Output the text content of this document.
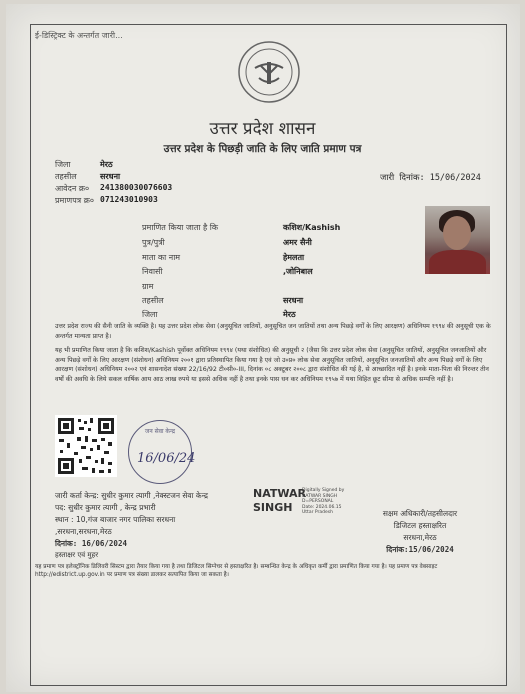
ई-डिस्ट्रिक्ट के अन्तर्गत जारी...
उत्तर प्रदेश शासन
उत्तर प्रदेश के पिछड़ी जाति के लिए जाति प्रमाण पत्र
जिला	मेरठ
तहसील	सरधना
आवेदन क्र० 241380030076603
प्रमाणपत्र क्र० 071243010903
जारी दिनांक: 15/06/2024
प्रमाणित किया जाता है कि	कशिश/Kashish
पुत्र/पुत्री	अमर सैनी
माता का नाम	हेमलता
निवासी	,जोनिबाल
ग्राम
तहसील	सरधना
जिला	मेरठ
उत्तर प्रदेश राज्य की सैनी जाति के व्यक्ति है। यह उत्तर प्रदेश लोक सेवा (अनुसूचित जातियों, अनुसूचित जन जातियों तथा अन्य पिछड़े वर्गों के लिए आरक्षण) अधिनियम १९९४ की अनुसूची एक के अन्तर्गत मान्यता प्राप्त है।
यह भी प्रमाणित किया जाता है कि कशिश/Kashish पूर्वोक्त अधिनियम १९९४ (यथा संशोधित) की अनुसूची २ (जैसा कि उत्तर प्रदेश लोक सेवा (अनुसूचित जातियों, अनुसूचित जनजातियों और अन्य पिछड़े वर्गों के लिए आरक्षण (संशोधन) अधिनियम २००१ द्वारा प्रतिस्थापित किया गया है एवं जो उ०प्र० लोक सेवा अनुसूचित जातियों, अनुसूचित जनजातियों और अन्य पिछड़े वर्गों के लिए आरक्षण (संशोधन) अधिनियम २००२ एवं शासनादेश संख्या 22/16/92 टी०सी०-III, दिनांक ०८ अक्टूबर २००८ द्वारा संशोधित की गई है, से आच्छादित नहीं है। इनके माता-पिता की निरन्तर तीन वर्षों की अवधि के लिये सकल वार्षिक आय आठ लाख रुपये या इससे अधिक नहीं है तथा इनके पास धन कर अधिनियम १९५७ में यथा विहित छूट सीमा से अधिक सम्पत्ति नहीं है।
जन सेवा केन्द्र
16/06/24
जारी कर्ता केन्द्र: सुधीर कुमार त्यागी ,नेक्स्टजन सेवा केन्द्र
पद: सुधीर कुमार त्यागी , केन्द्र प्रभारी
स्थान : 10,गंज बाजार नगर पालिका सरधना
,सरधना,सरधना,मेरठ
दिनांक: 16/06/2024
हस्ताक्षर एवं मुहर
NATWAR
SINGH
Digitally Signed by
NATWAR SINGH
D=PERSONAL
Date: 2024.06.15
Uttar Pradesh	सक्षम अधिकारी/तहसीलदार
डिजिटल हस्ताक्षरित
सरधना,मेरठ
दिनांक:15/06/2024
यह प्रमाण पत्र इलेक्ट्रॉनिक डिलिवरी सिस्टम द्वारा तैयार किया गया है तथा डिजिटल सिग्नेचर से हस्ताक्षरित है। सम्बन्धित केन्द्र के अधिकृत कर्मी द्वारा प्रमाणित किया गया है। यह प्रमाण पत्र वेबसाइट http://edistrict.up.gov.in पर प्रमाण पत्र संख्या डालकर सत्यापित किया जा सकता है।
